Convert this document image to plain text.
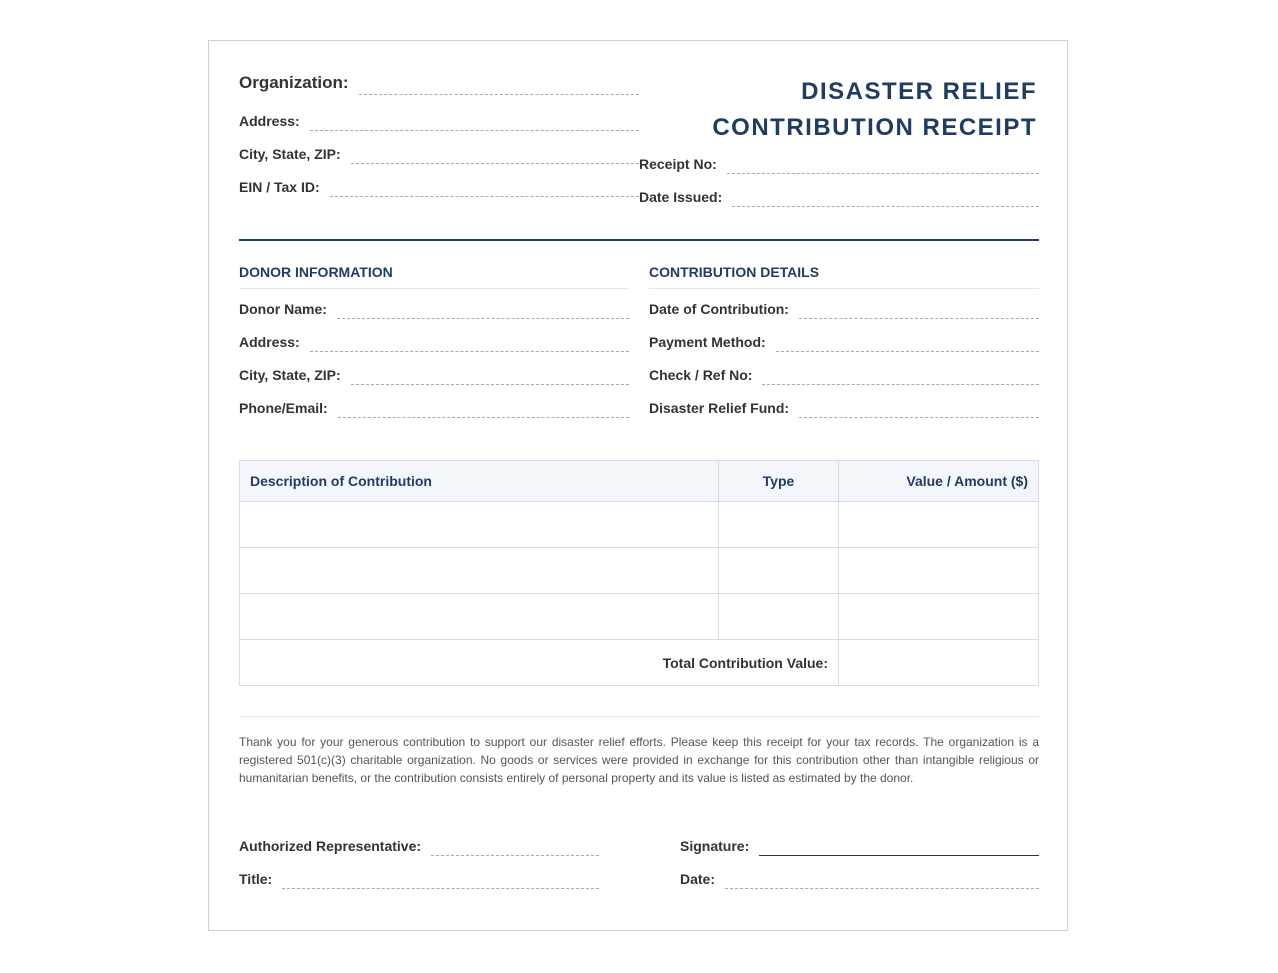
Organization:
Address:
City, State, ZIP:
EIN / Tax ID:
DISASTER RELIEF
CONTRIBUTION RECEIPT
Receipt No:
Date Issued:
DONOR INFORMATION
Donor Name:
Address:
City, State, ZIP:
Phone/Email:
CONTRIBUTION DETAILS
Date of Contribution:
Payment Method:
Check / Ref No:
Disaster Relief Fund:
Description of Contribution	Type	Value / Amount ($)

Total Contribution Value:		
Thank you for your generous contribution to support our disaster relief efforts. Please keep this receipt for your tax records. The organization is a registered 501(c)(3) charitable organization. No goods or services were provided in exchange for this contribution other than intangible religious or humanitarian benefits, or the contribution consists entirely of personal property and its value is listed as estimated by the donor.
Authorized Representative:
Title:
Signature:
Date:
